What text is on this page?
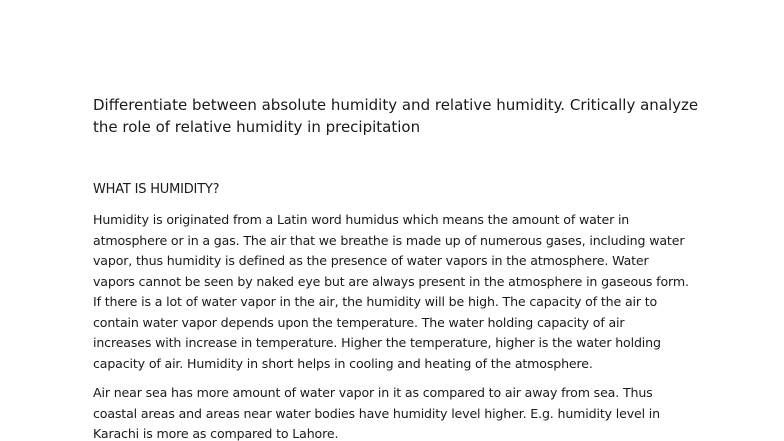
Differentiate between absolute humidity and relative humidity. Critically analyze
the role of relative humidity in precipitation
WHAT IS HUMIDITY?

Humidity is originated from a Latin word humidus which means the amount of water in
atmosphere or in a gas. The air that we breathe is made up of numerous gases, including water
vapor, thus humidity is defined as the presence of water vapors in the atmosphere. Water
vapors cannot be seen by naked eye but are always present in the atmosphere in gaseous form.
If there is a lot of water vapor in the air, the humidity will be high. The capacity of the air to
contain water vapor depends upon the temperature. The water holding capacity of air
increases with increase in temperature. Higher the temperature, higher is the water holding
capacity of air. Humidity in short helps in cooling and heating of the atmosphere.

Air near sea has more amount of water vapor in it as compared to air away from sea. Thus
coastal areas and areas near water bodies have humidity level higher. E.g. humidity level in
Karachi is more as compared to Lahore.
